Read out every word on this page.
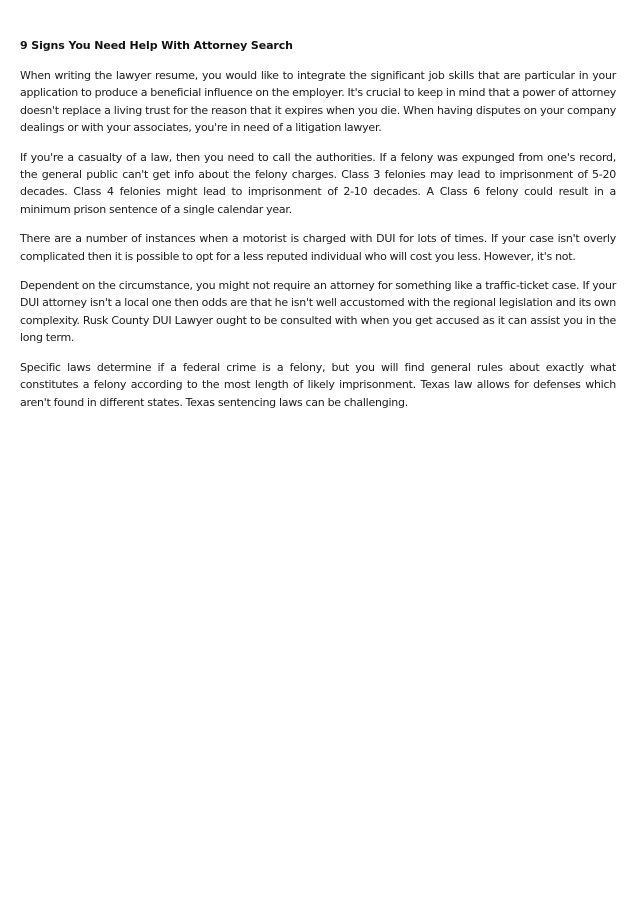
9 Signs You Need Help With Attorney Search

When writing the lawyer resume, you would like to integrate the significant job skills that are particular in your application to produce a beneficial influence on the employer. It's crucial to keep in mind that a power of attorney doesn't replace a living trust for the reason that it expires when you die. When having disputes on your company dealings or with your associates, you're in need of a litigation lawyer.

If you're a casualty of a law, then you need to call the authorities. If a felony was expunged from one's record, the general public can't get info about the felony charges. Class 3 felonies may lead to imprisonment of 5-20 decades. Class 4 felonies might lead to imprisonment of 2-10 decades. A Class 6 felony could result in a minimum prison sentence of a single calendar year.

There are a number of instances when a motorist is charged with DUI for lots of times. If your case isn't overly complicated then it is possible to opt for a less reputed individual who will cost you less. However, it's not.

Dependent on the circumstance, you might not require an attorney for something like a traffic-ticket case. If your DUI attorney isn't a local one then odds are that he isn't well accustomed with the regional legislation and its own complexity. Rusk County DUI Lawyer ought to be consulted with when you get accused as it can assist you in the long term.

Specific laws determine if a federal crime is a felony, but you will find general rules about exactly what constitutes a felony according to the most length of likely imprisonment. Texas law allows for defenses which aren't found in different states. Texas sentencing laws can be challenging.
